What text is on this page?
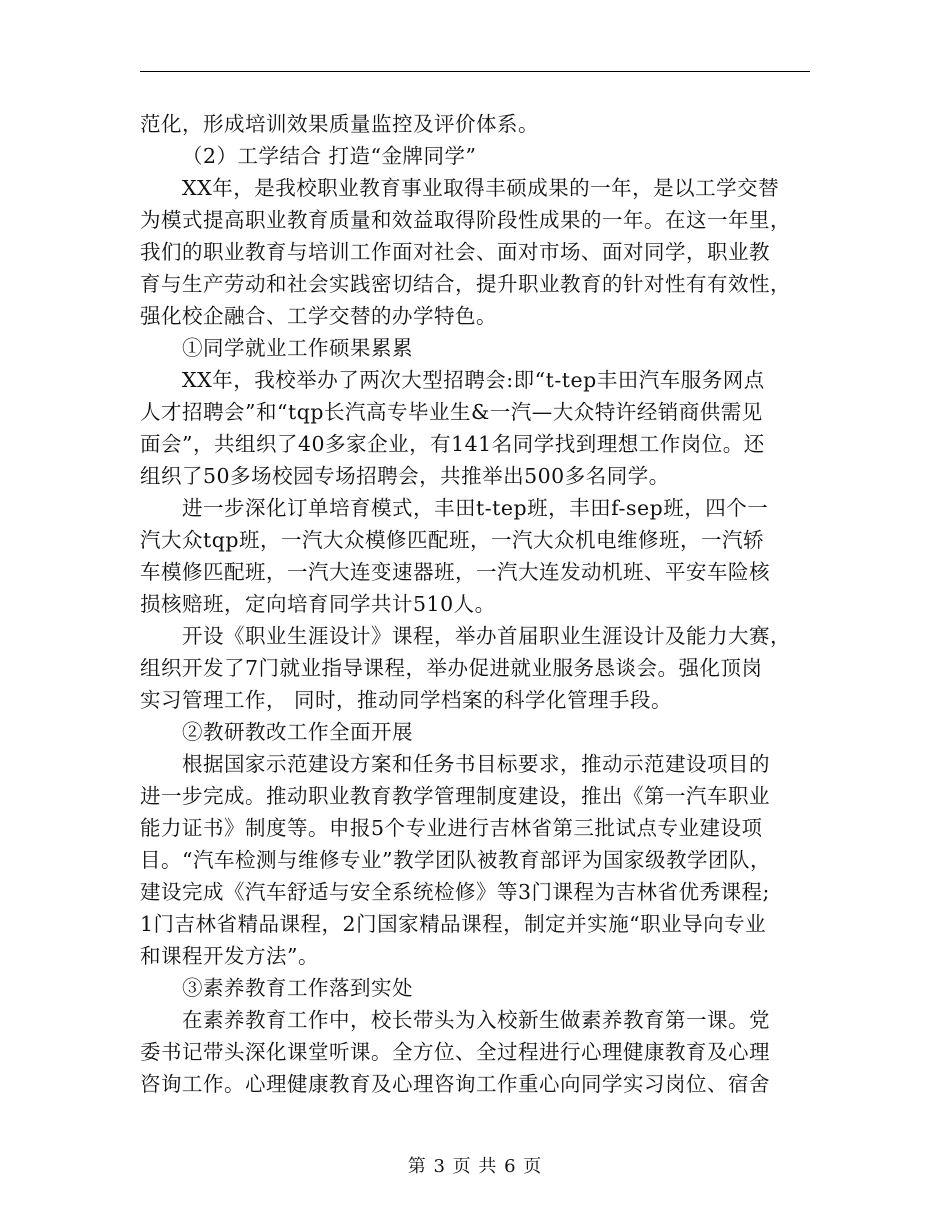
范化，形成培训效果质量监控及评价体系。
（2）工学结合 打造“金牌同学”
XX年，是我校职业教育事业取得丰硕成果的一年，是以工学交替
为模式提高职业教育质量和效益取得阶段性成果的一年。在这一年里，
我们的职业教育与培训工作面对社会、面对市场、面对同学，职业教
育与生产劳动和社会实践密切结合，提升职业教育的针对性有有效性，
强化校企融合、工学交替的办学特色。
①同学就业工作硕果累累
XX年，我校举办了两次大型招聘会:即“t-tep丰田汽车服务网点
人才招聘会”和“tqp长汽高专毕业生&一汽—大众特许经销商供需见
面会”，共组织了40多家企业，有141名同学找到理想工作岗位。还
组织了50多场校园专场招聘会，共推举出500多名同学。
进一步深化订单培育模式，丰田t-tep班，丰田f-sep班，四个一
汽大众tqp班，一汽大众模修匹配班，一汽大众机电维修班，一汽轿
车模修匹配班，一汽大连变速器班，一汽大连发动机班、平安车险核
损核赔班，定向培育同学共计510人。
开设《职业生涯设计》课程，举办首届职业生涯设计及能力大赛，
组织开发了7门就业指导课程，举办促进就业服务恳谈会。强化顶岗
实习管理工作， 同时，推动同学档案的科学化管理手段。
②教研教改工作全面开展
根据国家示范建设方案和任务书目标要求，推动示范建设项目的
进一步完成。推动职业教育教学管理制度建设，推出《第一汽车职业
能力证书》制度等。申报5个专业进行吉林省第三批试点专业建设项
目。“汽车检测与维修专业”教学团队被教育部评为国家级教学团队，
建设完成《汽车舒适与安全系统检修》等3门课程为吉林省优秀课程;
1门吉林省精品课程，2门国家精品课程，制定并实施“职业导向专业
和课程开发方法”。
③素养教育工作落到实处
在素养教育工作中，校长带头为入校新生做素养教育第一课。党
委书记带头深化课堂听课。全方位、全过程进行心理健康教育及心理
咨询工作。心理健康教育及心理咨询工作重心向同学实习岗位、宿舍
第 3 页 共 6 页
